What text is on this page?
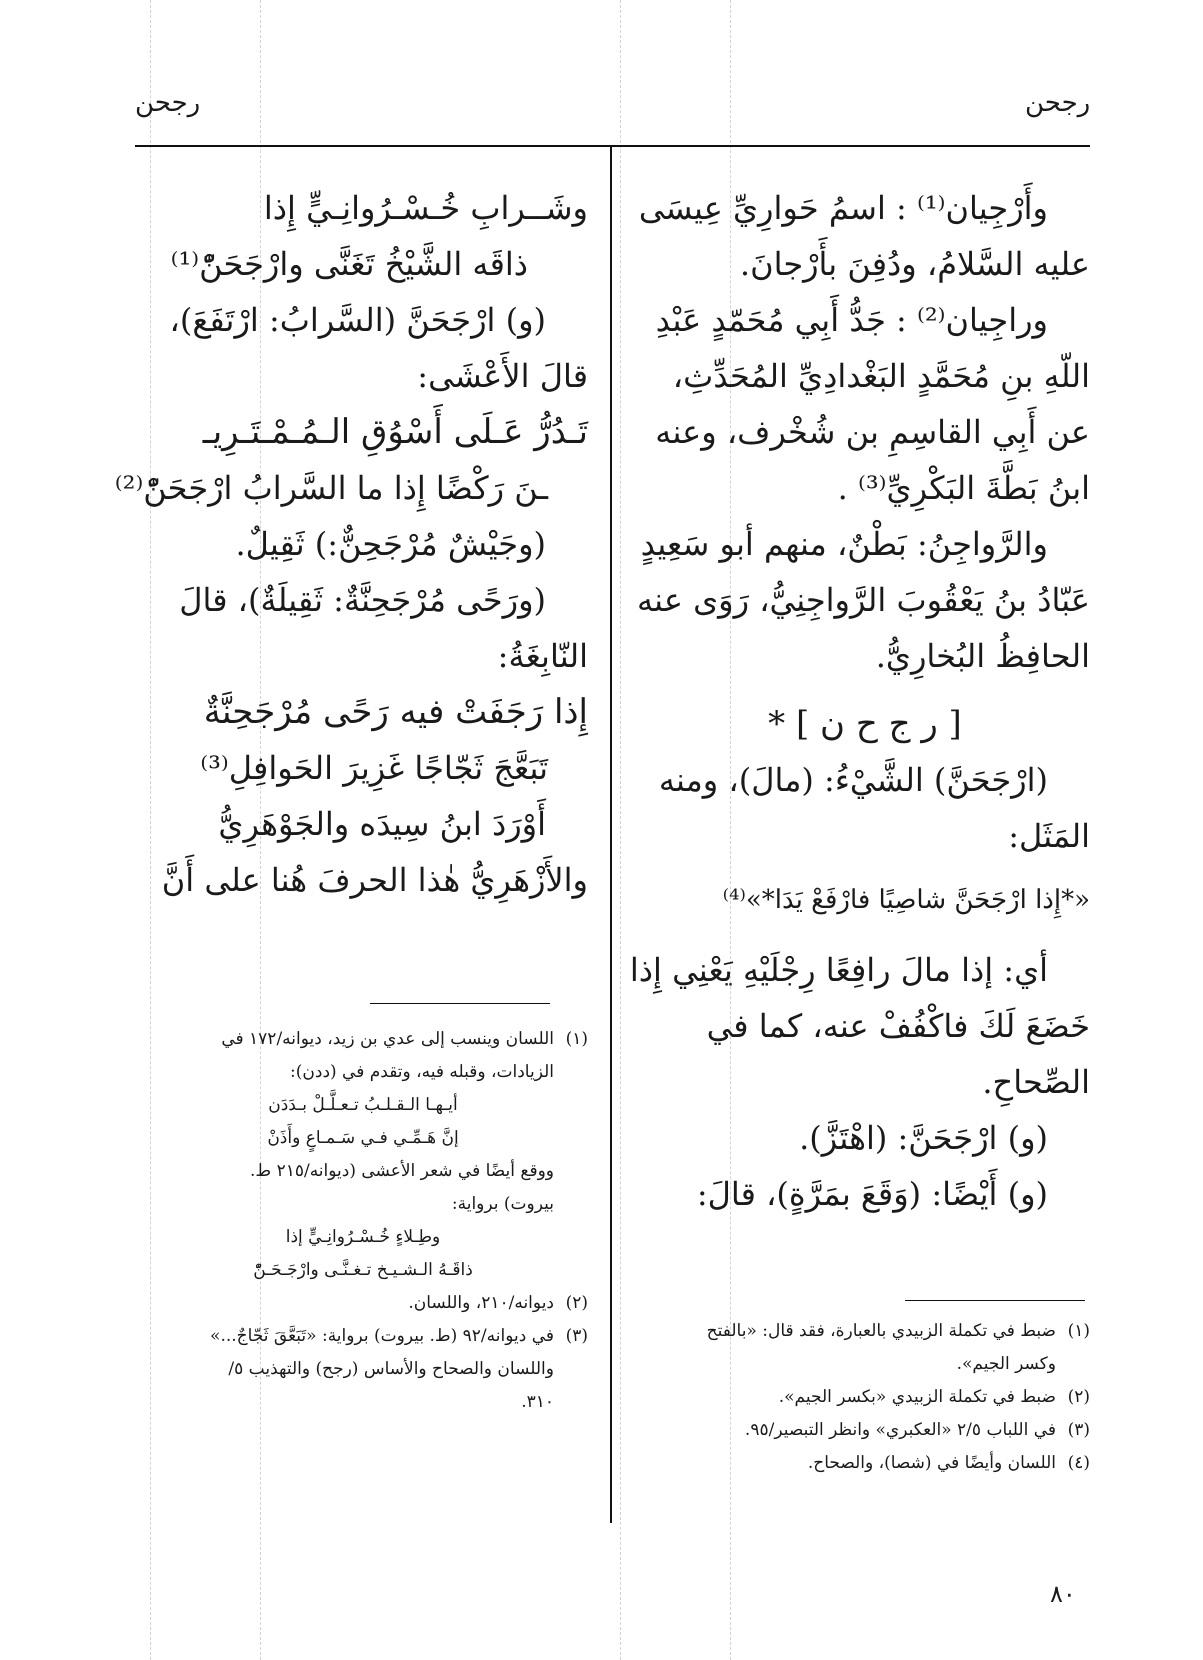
رجحن
رجحن
وأَرْجِيان⁽¹⁾ : اسمُ حَوارِيِّ عِيسَى
عليه السَّلامُ، ودُفِنَ بأَرْجانَ.
وراجِيان⁽²⁾ : جَدُّ أَبِي مُحَمّدٍ عَبْدِ
اللّهِ بنِ مُحَمَّدٍ البَغْدادِيِّ المُحَدِّثِ،
عن أَبِي القاسِمِ بن شُخْرف، وعنه
ابنُ بَطَّةَ البَكْرِيِّ⁽³⁾ .
والرَّواجِنُ: بَطْنٌ، منهم أبو سَعِيدٍ
عَبّادُ بنُ يَعْقُوبَ الرَّواجِنِيُّ، رَوَى عنه
الحافِظُ البُخارِيُّ.
[ ر ج ح ن ] *
(ارْجَحَنَّ) الشَّيْءُ: (مالَ)، ومنه
المَثَل:
«*إِذا ارْجَحَنَّ شاصِيًا فارْفَعْ يَدَا*»⁽⁴⁾
أي: إذا مالَ رافِعًا رِجْلَيْهِ يَعْنِي إِذا
خَضَعَ لَكَ فاكْفُفْ عنه، كما في
الصِّحاحِ.
(و) ارْجَحَنَّ: (اهْتَزَّ).
(و) أَيْضًا: (وَقَعَ بمَرَّةٍ)، قالَ:
(١)ضبط في تكملة الزبيدي بالعبارة، فقد قال: «بالفتح
وكسر الجيم».
(٢)ضبط في تكملة الزبيدي «بكسر الجيم».
(٣)في اللباب ٢/٥ «العكبري» وانظر التبصير/٩٥.
(٤)اللسان وأيضًا في (شصا)، والصحاح.
وشَــرابِ خُـسْـرُوانِـيٍّ إِذا
ذاقَه الشَّيْخُ تَغَنَّى وارْجَحَنّْ⁽¹⁾
(و) ارْجَحَنَّ (السَّرابُ: ارْتَفَعَ)،
قالَ الأَعْشَى:
تَـدُرُّ عَـلَى أَسْوُقِ الـمُـمْـتَـرِيـ
ـنَ رَكْضًا إِذا ما السَّرابُ ارْجَحَنّْ⁽²⁾
(وجَيْشٌ مُرْجَحِنٌّ:) ثَقِيلٌ.
(ورَحًى مُرْجَحِنَّةٌ: ثَقِيلَةٌ)، قالَ
النّابِغَةُ:
إِذا رَجَفَتْ فيه رَحًى مُرْجَحِنَّةٌ
تَبَعَّجَ ثَجّاجًا غَزِيرَ الحَوافِلِ⁽³⁾
أَوْرَدَ ابنُ سِيدَه والجَوْهَرِيُّ
والأَزْهَرِيُّ هٰذا الحرفَ هُنا على أَنَّ
(١)اللسان وينسب إلى عدي بن زيد، ديوانه/١٧٢ في
الزيادات، وقبله فيه، وتقدم في (ددن):
أيـهـا الـقـلـبُ تـعـلَّـلْ بـدَدَن
إنَّ هَـمِّـي فـي سَـمـاعٍ وأَذَنْ
ووقع أيضًا في شعر الأعشى (ديوانه/٢١٥ ط.
بيروت) برواية:
وطِـلاءٍ خُـسْـرُوانِـيٍّ إذا
ذاقَـهُ الـشـيـخ تـغـنَّـى وارْجَـحَـنّْ
(٢)ديوانه/٢١٠، واللسان.
(٣)في ديوانه/٩٢ (ط. بيروت) برواية: «تَبَعَّقَ ثَجّاجٌ...»
واللسان والصحاح والأساس (رجح) والتهذيب ٥/
٣١٠.
٨٠
